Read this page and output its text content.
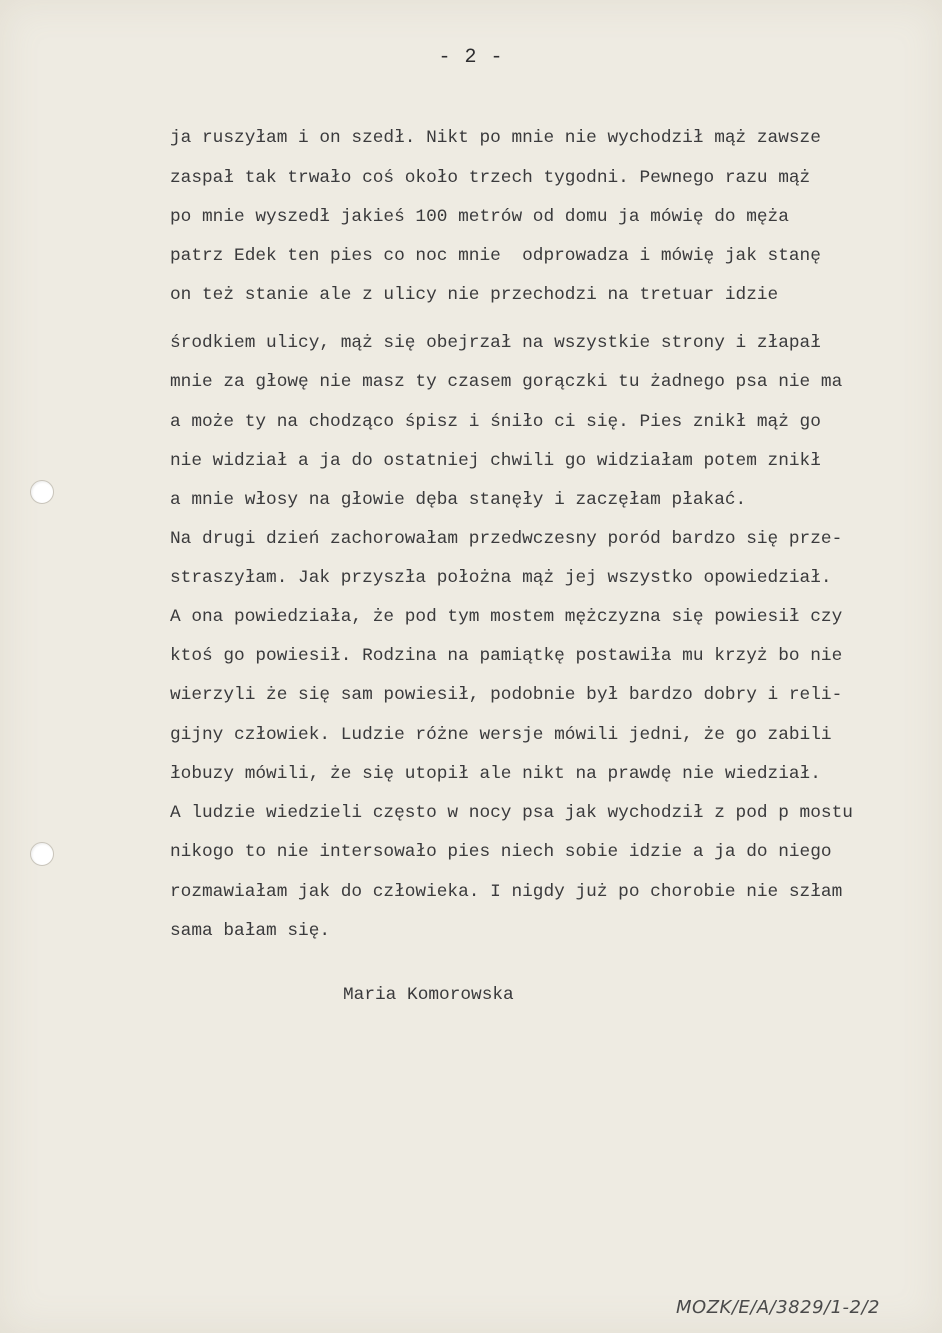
- 2 -

ja ruszyłam i on szedł. Nikt po mnie nie wychodził mąż zawsze

zaspał tak trwało coś około trzech tygodni. Pewnego razu mąż

po mnie wyszedł jakieś 100 metrów od domu ja mówię do męża

patrz Edek ten pies co noc mnie  odprowadza i mówię jak stanę

on też stanie ale z ulicy nie przechodzi na tretuar idzie

środkiem ulicy, mąż się obejrzał na wszystkie strony i złapał

mnie za głowę nie masz ty czasem gorączki tu żadnego psa nie ma

a może ty na chodząco śpisz i śniło ci się. Pies znikł mąż go

nie widział a ja do ostatniej chwili go widziałam potem znikł

a mnie włosy na głowie dęba stanęły i zaczęłam płakać.

Na drugi dzień zachorowałam przedwczesny poród bardzo się prze-

straszyłam. Jak przyszła położna mąż jej wszystko opowiedział.

A ona powiedziała, że pod tym mostem mężczyzna się powiesił czy

ktoś go powiesił. Rodzina na pamiątkę postawiła mu krzyż bo nie

wierzyli że się sam powiesił, podobnie był bardzo dobry i reli-

gijny człowiek. Ludzie różne wersje mówili jedni, że go zabili

łobuzy mówili, że się utopił ale nikt na prawdę nie wiedział.

A ludzie wiedzieli często w nocy psa jak wychodził z pod p mostu

nikogo to nie intersowało pies niech sobie idzie a ja do niego

rozmawiałam jak do człowieka. I nigdy już po chorobie nie szłam

sama bałam się.

Maria Komorowska
MOZK/E/A/3829/1-2/2
